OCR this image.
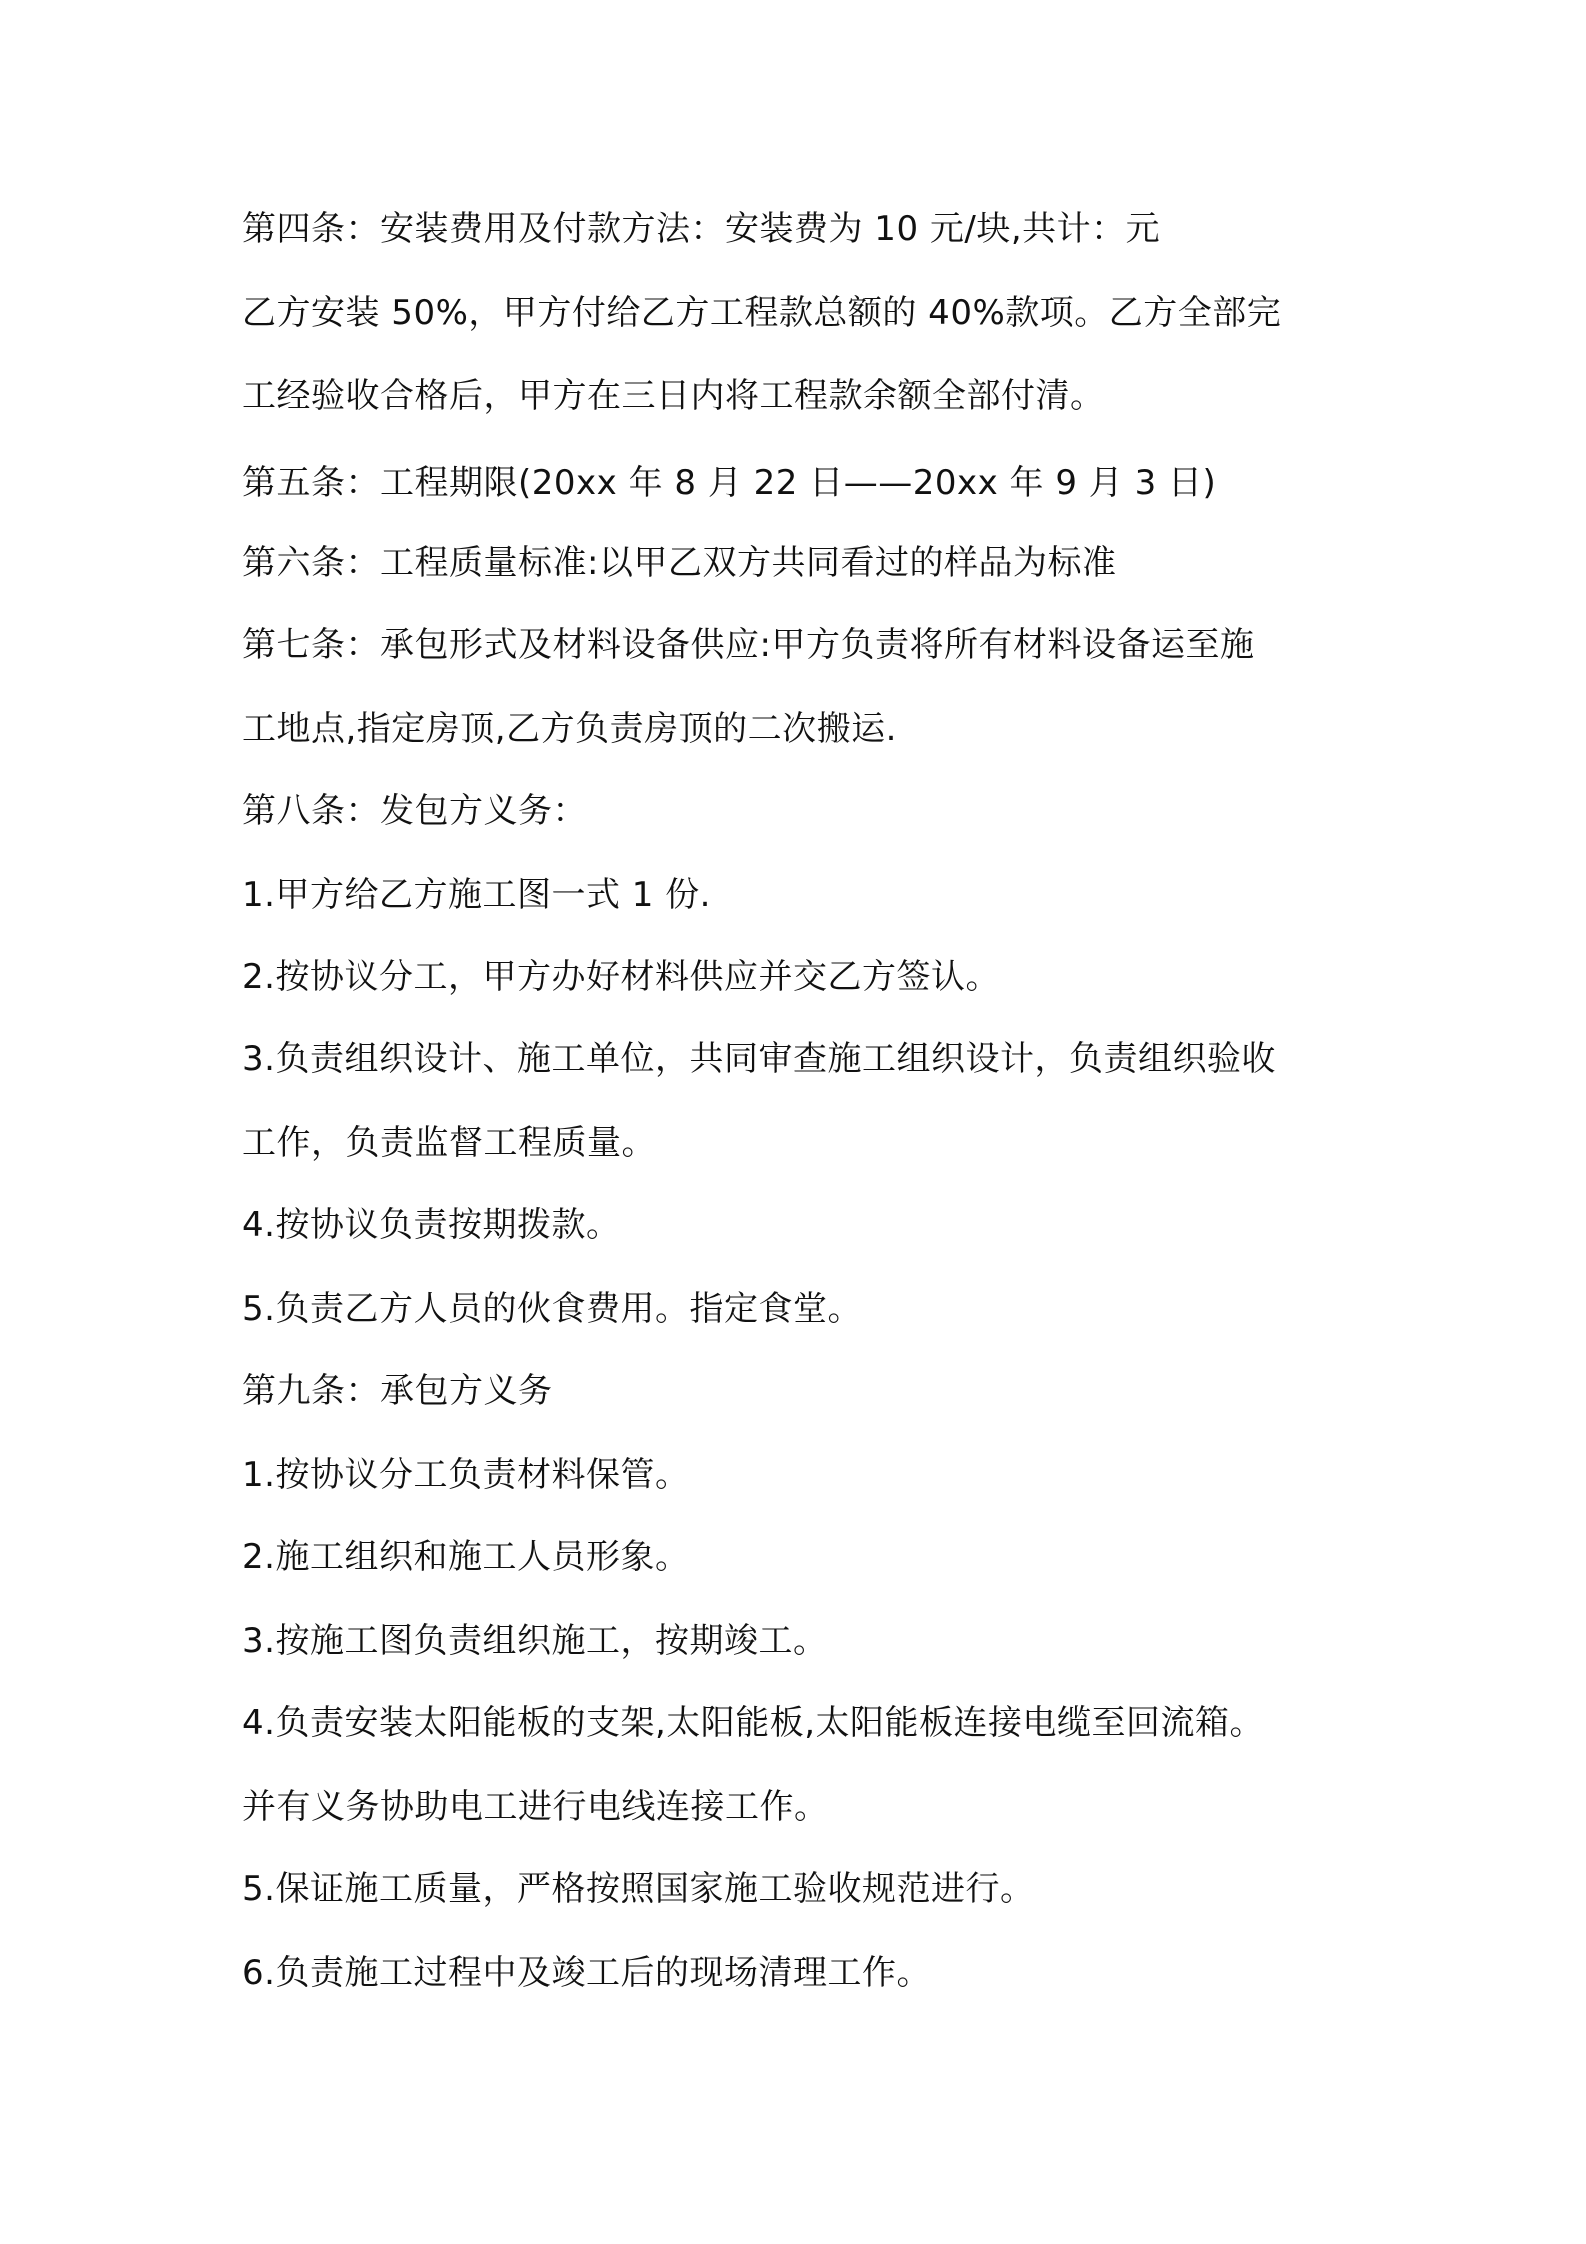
第四条：安装费用及付款方法：安装费为 10 元/块,共计：元
乙方安装 50%，甲方付给乙方工程款总额的 40%款项。乙方全部完
工经验收合格后，甲方在三日内将工程款余额全部付清。
第五条：工程期限(20xx 年 8 月 22 日——20xx 年 9 月 3 日)
第六条：工程质量标准:以甲乙双方共同看过的样品为标准
第七条：承包形式及材料设备供应:甲方负责将所有材料设备运至施
工地点,指定房顶,乙方负责房顶的二次搬运.
第八条：发包方义务：
1.甲方给乙方施工图一式 1 份.
2.按协议分工，甲方办好材料供应并交乙方签认。
3.负责组织设计、施工单位，共同审查施工组织设计，负责组织验收
工作，负责监督工程质量。
4.按协议负责按期拨款。
5.负责乙方人员的伙食费用。指定食堂。
第九条：承包方义务
1.按协议分工负责材料保管。
2.施工组织和施工人员形象。
3.按施工图负责组织施工，按期竣工。
4.负责安装太阳能板的支架,太阳能板,太阳能板连接电缆至回流箱。
并有义务协助电工进行电线连接工作。
5.保证施工质量，严格按照国家施工验收规范进行。
6.负责施工过程中及竣工后的现场清理工作。
